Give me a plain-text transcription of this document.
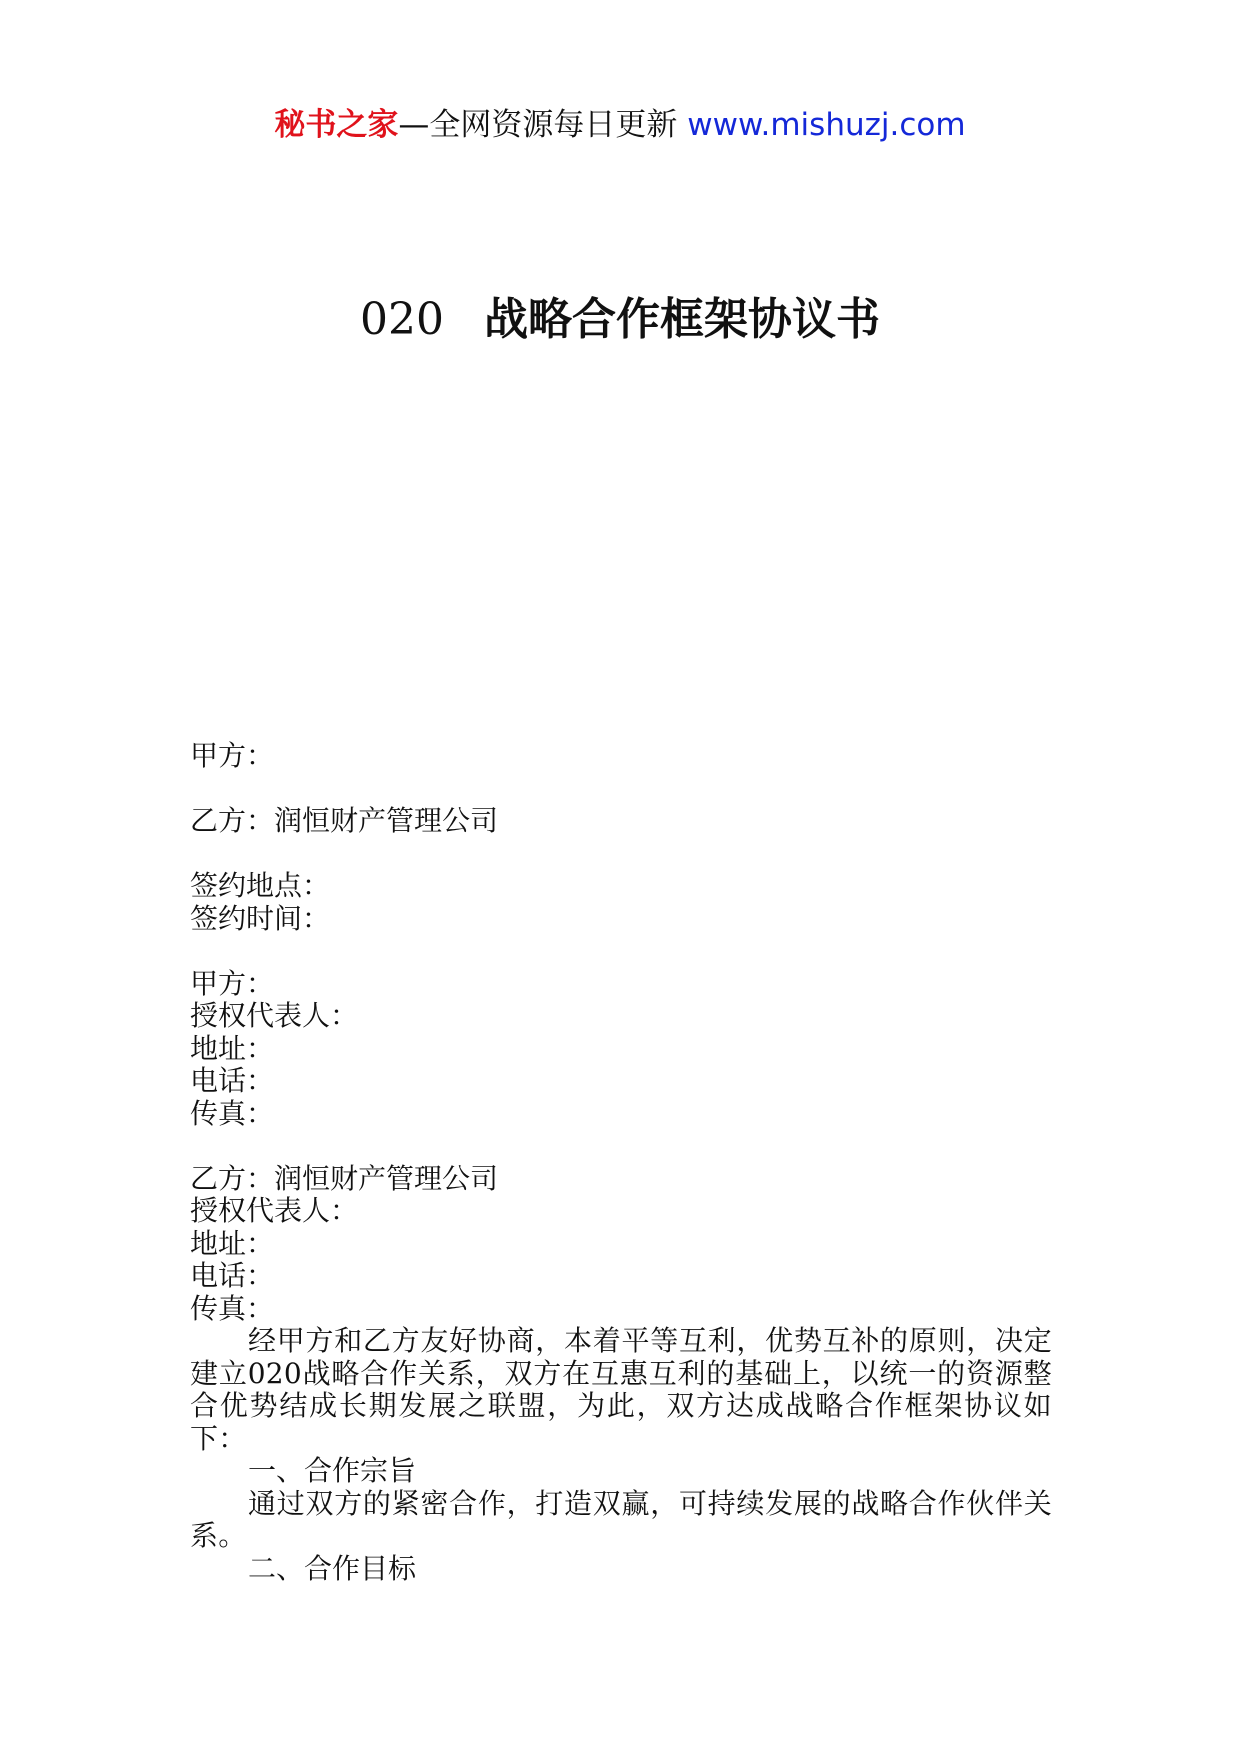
秘书之家—全网资源每日更新 www.mishuzj.com
020 战略合作框架协议书

甲方：

乙方：润恒财产管理公司

签约地点：

签约时间：

甲方：

授权代表人：

地址：

电话：

传真：

乙方：润恒财产管理公司

授权代表人：

地址：

电话：

传真：

经甲方和乙方友好协商，本着平等互利，优势互补的原则，决定建立020战略合作关系，双方在互惠互利的基础上，以统一的资源整合优势结成长期发展之联盟，为此，双方达成战略合作框架协议如下：

一、合作宗旨

通过双方的紧密合作，打造双赢，可持续发展的战略合作伙伴关系。

二、合作目标
